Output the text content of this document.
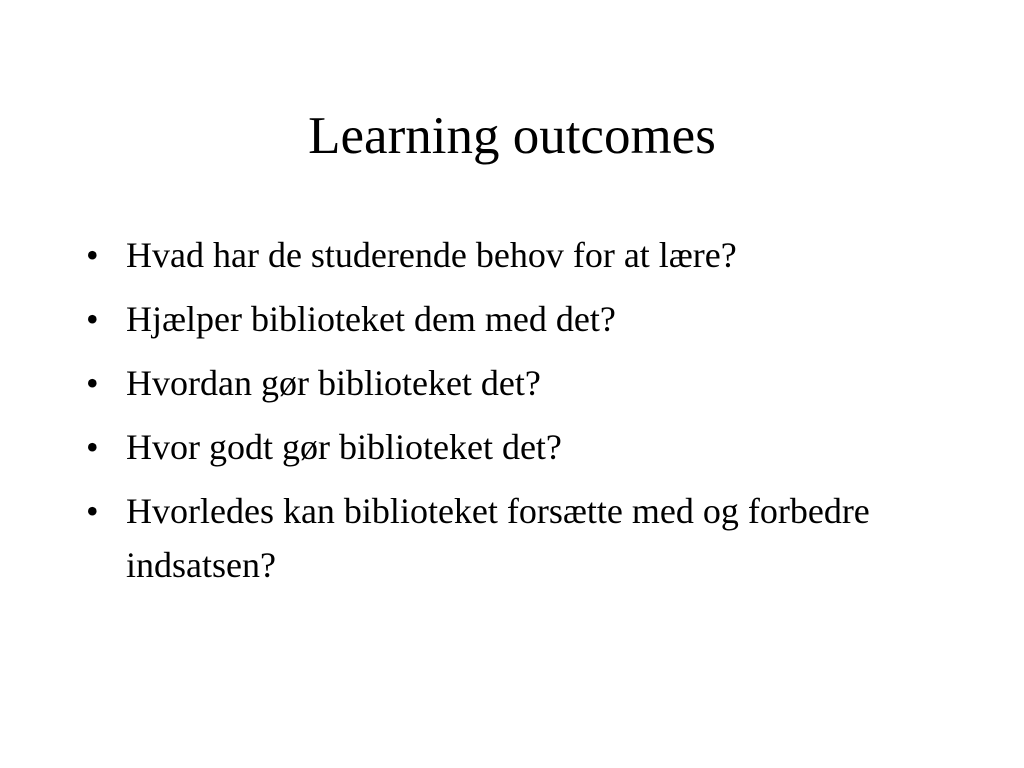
Learning outcomes
• Hvad har de studerende behov for at lære?
• Hjælper biblioteket dem med det?
• Hvordan gør biblioteket det?
• Hvor godt gør biblioteket det?
• Hvorledes kan biblioteket forsætte med og forbedre indsatsen?
